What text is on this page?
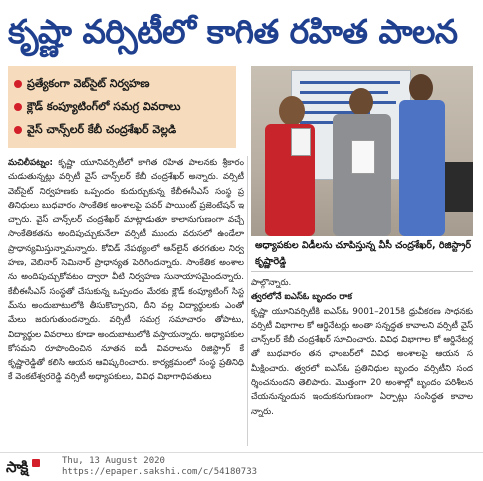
కృష్ణా వర్సిటీలో కాగిత రహిత పాలన
ప్రత్యేకంగా వెబ్‌సైట్ నిర్వహణ
క్లౌడ్ కంప్యూటింగ్‌లో సమగ్ర వివరాలు
వైస్ చాన్స్‌లర్ కేబీ చంద్రశేఖర్ వెల్లడి
అధ్యాపకుల విడీలను చూపిస్తున్న వీసీ చంద్రశేఖర్, రిజిస్ట్రార్ కృష్ణారెడ్డి
మచిలీపట్నం: కృష్ణా యూనివర్సిటీలో కాగిత రహిత పాలనకు శ్రీకారం చుడుతున్నట్లు వర్సిటీ వైస్ చాన్స్‌లర్ కేబీ చంద్రశేఖర్ అన్నారు. వర్సిటీ వెబ్‌సైట్ నిర్వహణకు ఒప్పందం కుదుర్చుకున్న కేబీఈసీఎస్ సంస్థ ప్రతినిధులు బుధవారం సాంకేతిక అంశాలపై పవర్ పాయింట్ ప్రజెంటేషన్ ఇచ్చారు. వైస్ చాన్స్‌లర్ చంద్రశేఖర్ మాట్లాడుతూ కాలానుగుణంగా వచ్చే సాంకేతికతను అందిపుచ్చుకునేలా వర్సిటీ ముందు వరుసలో ఉండేలా ప్రాధాన్యమిస్తున్నామన్నారు. కోవిడ్ నేపథ్యంలో ఆన్‌లైన్ తరగతుల నిర్వహణ, వెబినార్ సెమినార్ ప్రాధాన్యత పెరిగిందన్నారు. సాంకేతిక అంశాలను అందిపుచ్చుకోవటం ద్వారా వీటి నిర్వహణ సునాయాసమైందన్నారు. కేబీఈసీఎస్ సంస్థతో చేసుకున్న ఒప్పందం మేరకు క్లౌడ్ కంప్యూటింగ్ సిస్టమ్‌ను అందుబాటులోకి తీసుకొచ్చారని, దీని వల్ల విద్యార్థులకు ఎంతో మేలు జరుగుతుందన్నారు. వర్సిటీ సమగ్ర సమాచారం తోపాటు, విద్యార్థుల వివరాలు కూడా అందుబాటులోకి వస్తాయన్నారు. అధ్యాపకుల కోసమని రూపొందించిన నూతన ఐడీ వివరాలను రిజిస్ట్రార్ కే కృష్ణారెడ్డితో కలిసి ఆయన ఆవిష్కరించారు. కార్యక్రమంలో సంస్థ ప్రతినిధి కే వెంకటేశ్వరరెడ్డి వర్సిటీ అధ్యాపకులు, వివిధ విభాగాధిపతులు
పాల్గొన్నారు.
త్వరలోనే ఐఎస్‌ఓ బృందం రాక
కృష్ణా యూనివర్సిటీకి ఐఎస్‌ఓ 9001–2015కి ధ్రువీకరణ సాధనకు వర్సిటీ విభాగాల కో ఆర్డినేటర్లు అంతా సన్నద్ధత కావాలని వర్సిటీ వైస్ చాన్స్‌లర్ కేబీ చంద్రశేఖర్ సూచించారు. వివిధ విభాగాల కో ఆర్డినేటర్లతో బుధవారం తన ఛాంబర్‌లో వివిధ అంశాలపై ఆయన సమీక్షించారు. త్వరలో ఐఎస్‌ఓ ప్రతినిధుల బృందం వర్సిటీని సందర్శించనుందని తెలిపారు. మొత్తంగా 20 అంశాల్లో బృందం పరిశీలన చేయనున్నందున ఇందుకనుగుణంగా ఏర్పాట్లు సంసిద్ధత కావాలన్నారు.
సాక్షి	Thu, 13 August 2020
https://epaper.sakshi.com/c/54180733
